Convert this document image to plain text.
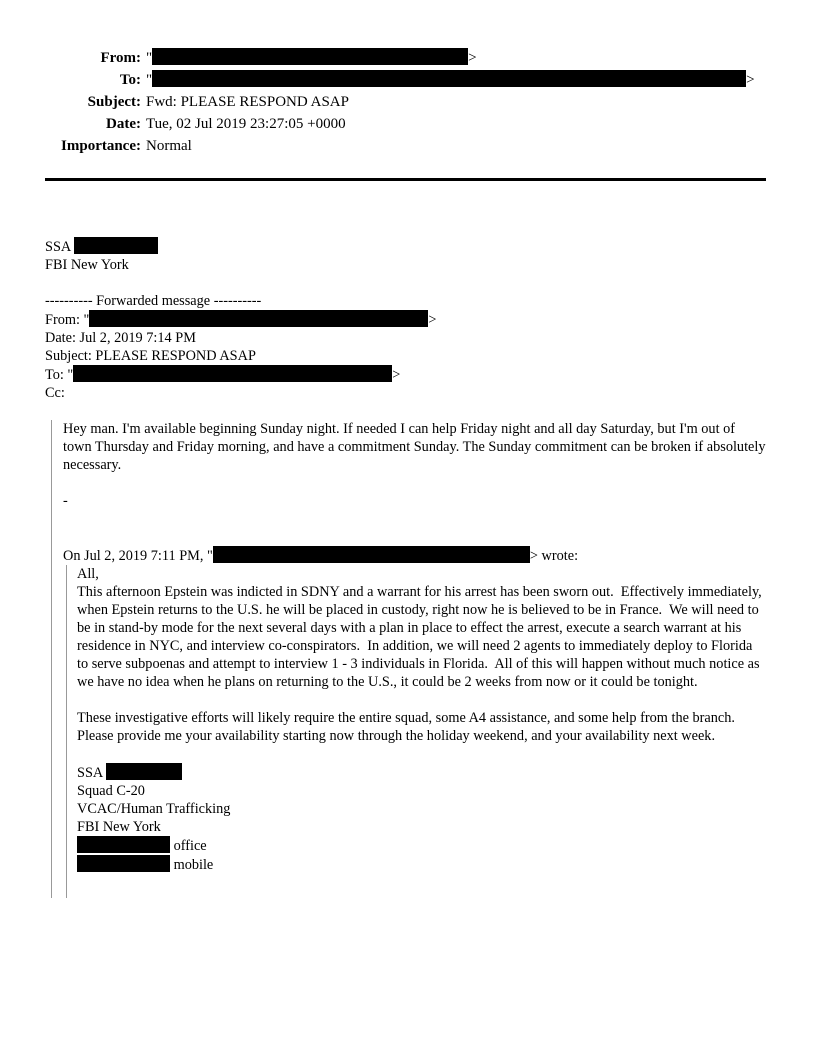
From: "	>
To: "	>
Subject: Fwd: PLEASE RESPOND ASAP
Date: Tue, 02 Jul 2019 23:27:05 +0000
Importance: Normal
SSA
FBI New York
---------- Forwarded message ----------
From: "	>
Date: Jul 2, 2019 7:14 PM
Subject: PLEASE RESPOND ASAP
To: "	>
Cc:
Hey man. I'm available beginning Sunday night. If needed I can help Friday night and all day Saturday, but I'm out of town Thursday and Friday morning, and have a commitment Sunday. The Sunday commitment can be broken if absolutely necessary.
-
On Jul 2, 2019 7:11 PM, "	> wrote:
All,
This afternoon Epstein was indicted in SDNY and a warrant for his arrest has been sworn out.  Effectively immediately, when Epstein returns to the U.S. he will be placed in custody, right now he is believed to be in France.  We will need to be in stand-by mode for the next several days with a plan in place to effect the arrest, execute a search warrant at his residence in NYC, and interview co-conspirators.  In addition, we will need 2 agents to immediately deploy to Florida to serve subpoenas and attempt to interview 1 - 3 individuals in Florida.  All of this will happen without much notice as we have no idea when he plans on returning to the U.S., it could be 2 weeks from now or it could be tonight.
These investigative efforts will likely require the entire squad, some A4 assistance, and some help from the branch.  Please provide me your availability starting now through the holiday weekend, and your availability next week.
SSA
Squad C-20
VCAC/Human Trafficking
FBI New York
office
mobile
